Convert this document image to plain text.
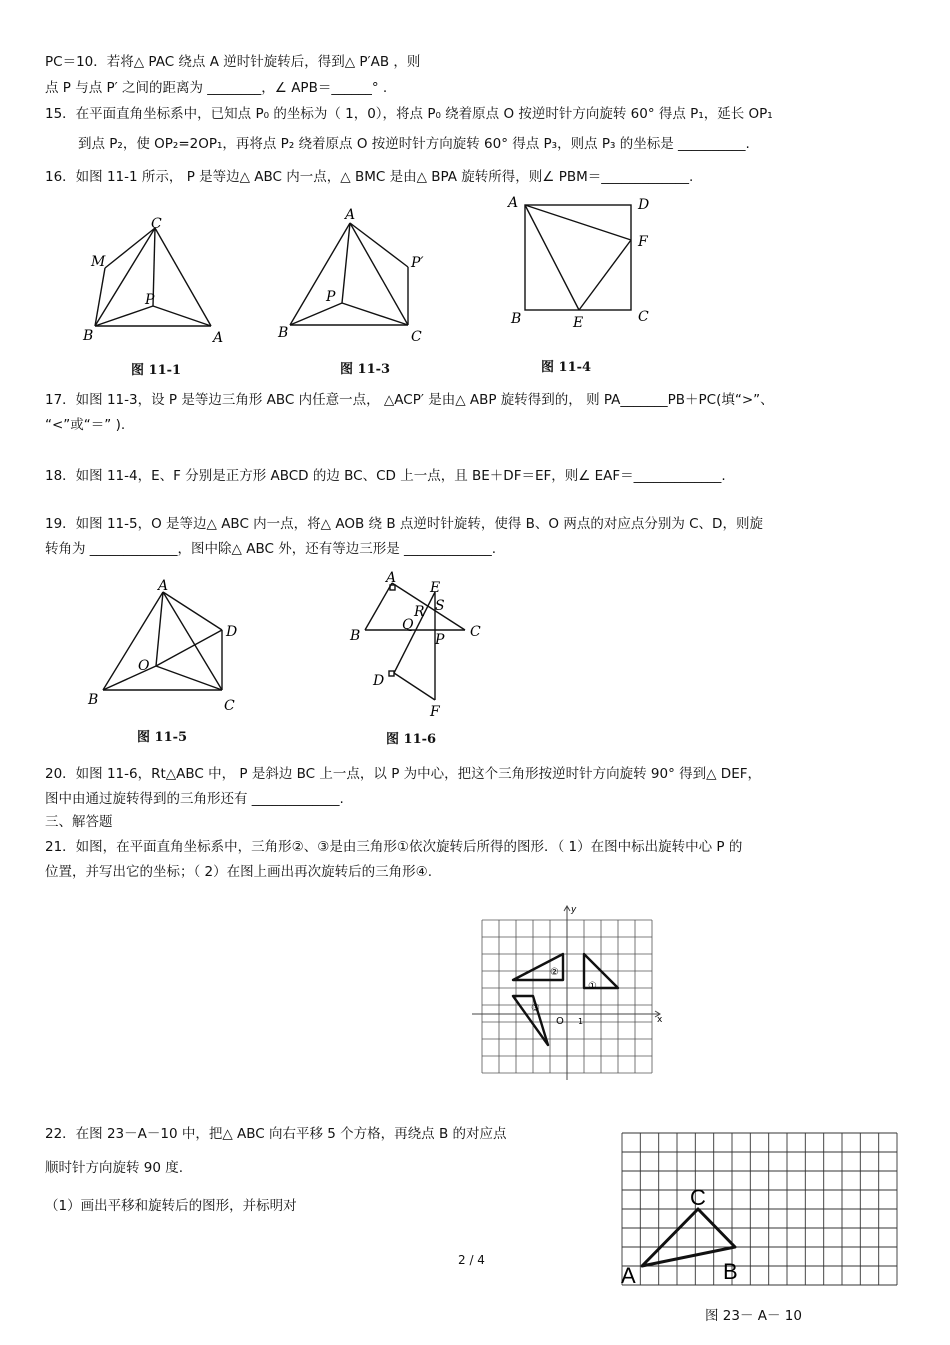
PC＝10．若将△ PAC 绕点 A 逆时针旋转后，得到△ P′AB ，则
点 P 与点 P′ 之间的距离为 ________，∠ APB＝______° .
15．在平面直角坐标系中，已知点 P₀ 的坐标为（ 1，0），将点 P₀ 绕着原点 O 按逆时针方向旋转 60° 得点 P₁，延长 OP₁
到点 P₂，使 OP₂=2OP₁，再将点 P₂ 绕着原点 O 按逆时针方向旋转 60° 得点 P₃，则点 P₃ 的坐标是 __________.
16．如图 11-1 所示， P 是等边△ ABC 内一点，△ BMC 是由△ BPA 旋转所得，则∠ PBM＝_____________.
17．如图 11-3，设 P 是等边三角形 ABC 内任意一点， △ACP′ 是由△ ABP 旋转得到的， 则 PA_______PB＋PC(填“>”、
“<”或“＝” ).
18．如图 11-4，E、F 分别是正方形 ABCD 的边 BC、CD 上一点，且 BE＋DF＝EF，则∠ EAF＝_____________.
19．如图 11-5，O 是等边△ ABC 内一点，将△ AOB 绕 B 点逆时针旋转，使得 B、O 两点的对应点分别为 C、D，则旋
转角为 _____________，图中除△ ABC 外，还有等边三形是 _____________.
20．如图 11-6，Rt△ABC 中， P 是斜边 BC 上一点，以 P 为中心，把这个三角形按逆时针方向旋转 90° 得到△ DEF，
图中由通过旋转得到的三角形还有 _____________.
三、解答题
21．如图，在平面直角坐标系中，三角形②、③是由三角形①依次旋转后所得的图形．（ 1）在图中标出旋转中心 P 的
位置，并写出它的坐标；（ 2）在图上画出再次旋转后的三角形④.
22．在图 23－A－10 中，把△ ABC 向右平移 5 个方格，再绕点 B 的对应点
顺时针方向旋转 90 度.
（1）画出平移和旋转后的图形，并标明对
C
M
P
B	A
图 11-1
A
P′
P
B	C
图 11-3
A	D
F
B	E	C
图 11-4
A
D
O
B	C
图 11-5
A
E
R S
Q
B	C
P
D
F
图 11-6
y
x
O 1
①
②
③
C
A	B
图 23－ A－ 10
2 / 4
